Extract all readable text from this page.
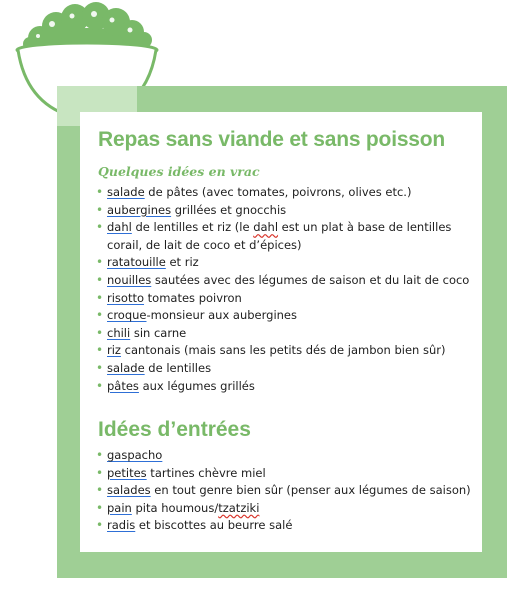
Repas sans viande et sans poisson
Quelques idées en vrac
• salade de pâtes (avec tomates, poivrons, olives etc.)
• aubergines grillées et gnocchis
• dahl de lentilles et riz (le dahl est un plat à base de lentilles corail, de lait de coco et d’épices)
• ratatouille et riz
• nouilles sautées avec des légumes de saison et du lait de coco
• risotto tomates poivron
• croque-monsieur aux aubergines
• chili sin carne
• riz cantonais (mais sans les petits dés de jambon bien sûr)
• salade de lentilles
• pâtes aux légumes grillés
Idées d’entrées
• gaspacho
• petites tartines chèvre miel
• salades en tout genre bien sûr (penser aux légumes de saison)
• pain pita houmous/tzatziki
• radis et biscottes au beurre salé
